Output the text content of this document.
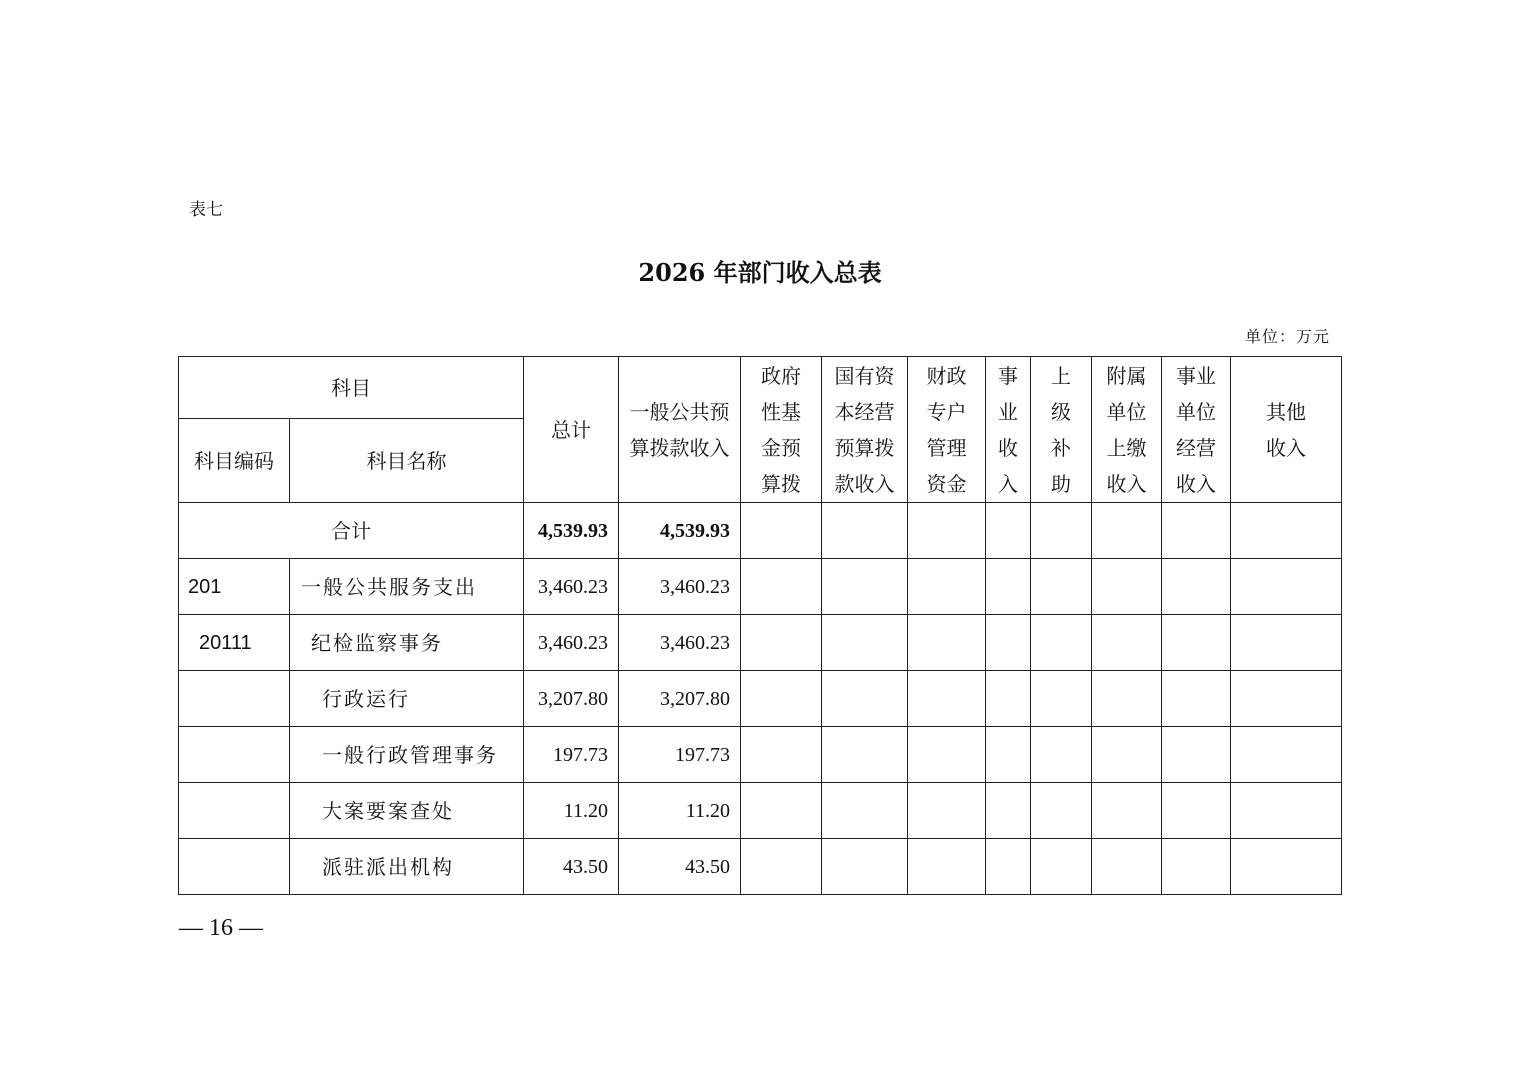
表七
2026 年部门收入总表
单位：万元
科目		总计	一般公共预算拨款收入	政府性基金预算拨	国有资本经营预算拨款收入	财政专户管理资金	事业收入	上级补助	附属单位上缴收入	事业单位经营收入	其他收入
科目编码	科目名称										
合计		4,539.93	4,539.93								
201	一般公共服务支出	3,460.23	3,460.23								
20111	纪检监察事务	3,460.23	3,460.23								
	行政运行	3,207.80	3,207.80								
	一般行政管理事务	197.73	197.73								
	大案要案查处	11.20	11.20								
	派驻派出机构	43.50	43.50								
— 16 —
